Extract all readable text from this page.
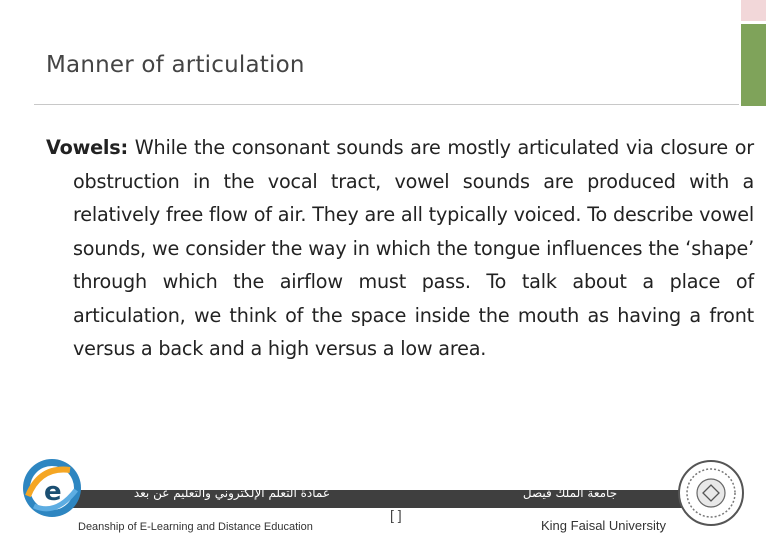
Manner of articulation
Vowels: While the consonant sounds are mostly articulated via closure or obstruction in the vocal tract, vowel sounds are produced with a relatively free flow of air. They are all typically voiced. To describe vowel sounds, we consider the way in which the tongue influences the ‘shape’ through which the airflow must pass. To talk about a place of articulation, we think of the space inside the mouth as having a front versus a back and a high versus a low area.
e	عمادة التعلم الإلكتروني والتعليم عن بعد
Deanship of E-Learning and Distance Education
[ ]
جامعة الملك فيصل
King Faisal University
